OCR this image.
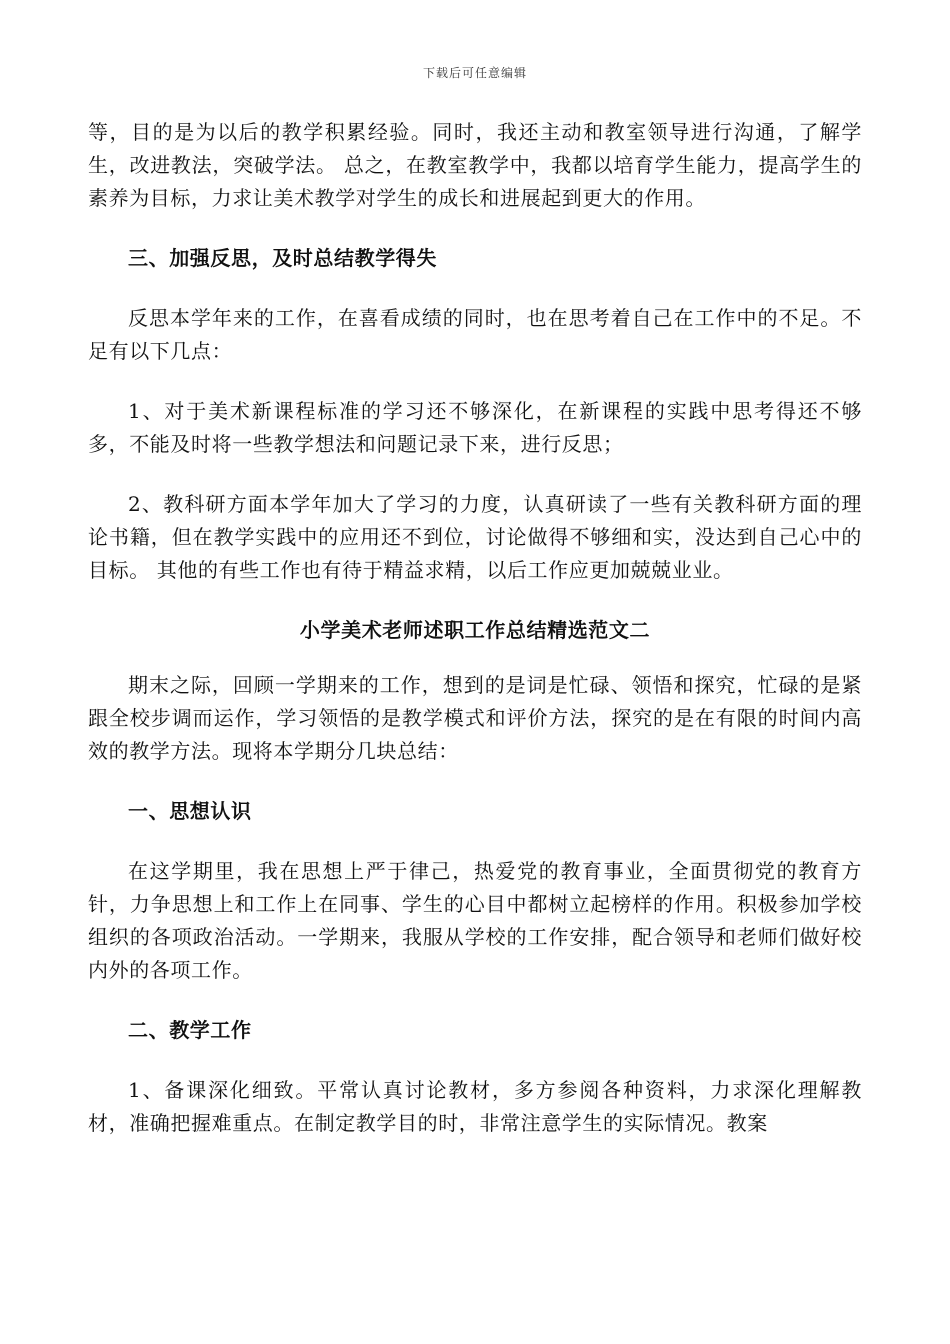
下载后可任意编辑

等，目的是为以后的教学积累经验。同时，我还主动和教室领导进行沟通，了解学生，改进教法，突破学法。 总之，在教室教学中，我都以培育学生能力，提高学生的素养为目标，力求让美术教学对学生的成长和进展起到更大的作用。

三、加强反思，及时总结教学得失

反思本学年来的工作，在喜看成绩的同时，也在思考着自己在工作中的不足。不足有以下几点：

1、对于美术新课程标准的学习还不够深化，在新课程的实践中思考得还不够多，不能及时将一些教学想法和问题记录下来，进行反思；

2、教科研方面本学年加大了学习的力度，认真研读了一些有关教科研方面的理论书籍，但在教学实践中的应用还不到位，讨论做得不够细和实，没达到自己心中的目标。 其他的有些工作也有待于精益求精，以后工作应更加兢兢业业。

小学美术老师述职工作总结精选范文二

期末之际，回顾一学期来的工作，想到的是词是忙碌、领悟和探究，忙碌的是紧跟全校步调而运作，学习领悟的是教学模式和评价方法，探究的是在有限的时间内高效的教学方法。现将本学期分几块总结：

一、思想认识

在这学期里，我在思想上严于律己，热爱党的教育事业，全面贯彻党的教育方针，力争思想上和工作上在同事、学生的心目中都树立起榜样的作用。积极参加学校组织的各项政治活动。一学期来，我服从学校的工作安排，配合领导和老师们做好校内外的各项工作。

二、教学工作

1、备课深化细致。平常认真讨论教材，多方参阅各种资料，力求深化理解教材，准确把握难重点。在制定教学目的时，非常注意学生的实际情况。教案
